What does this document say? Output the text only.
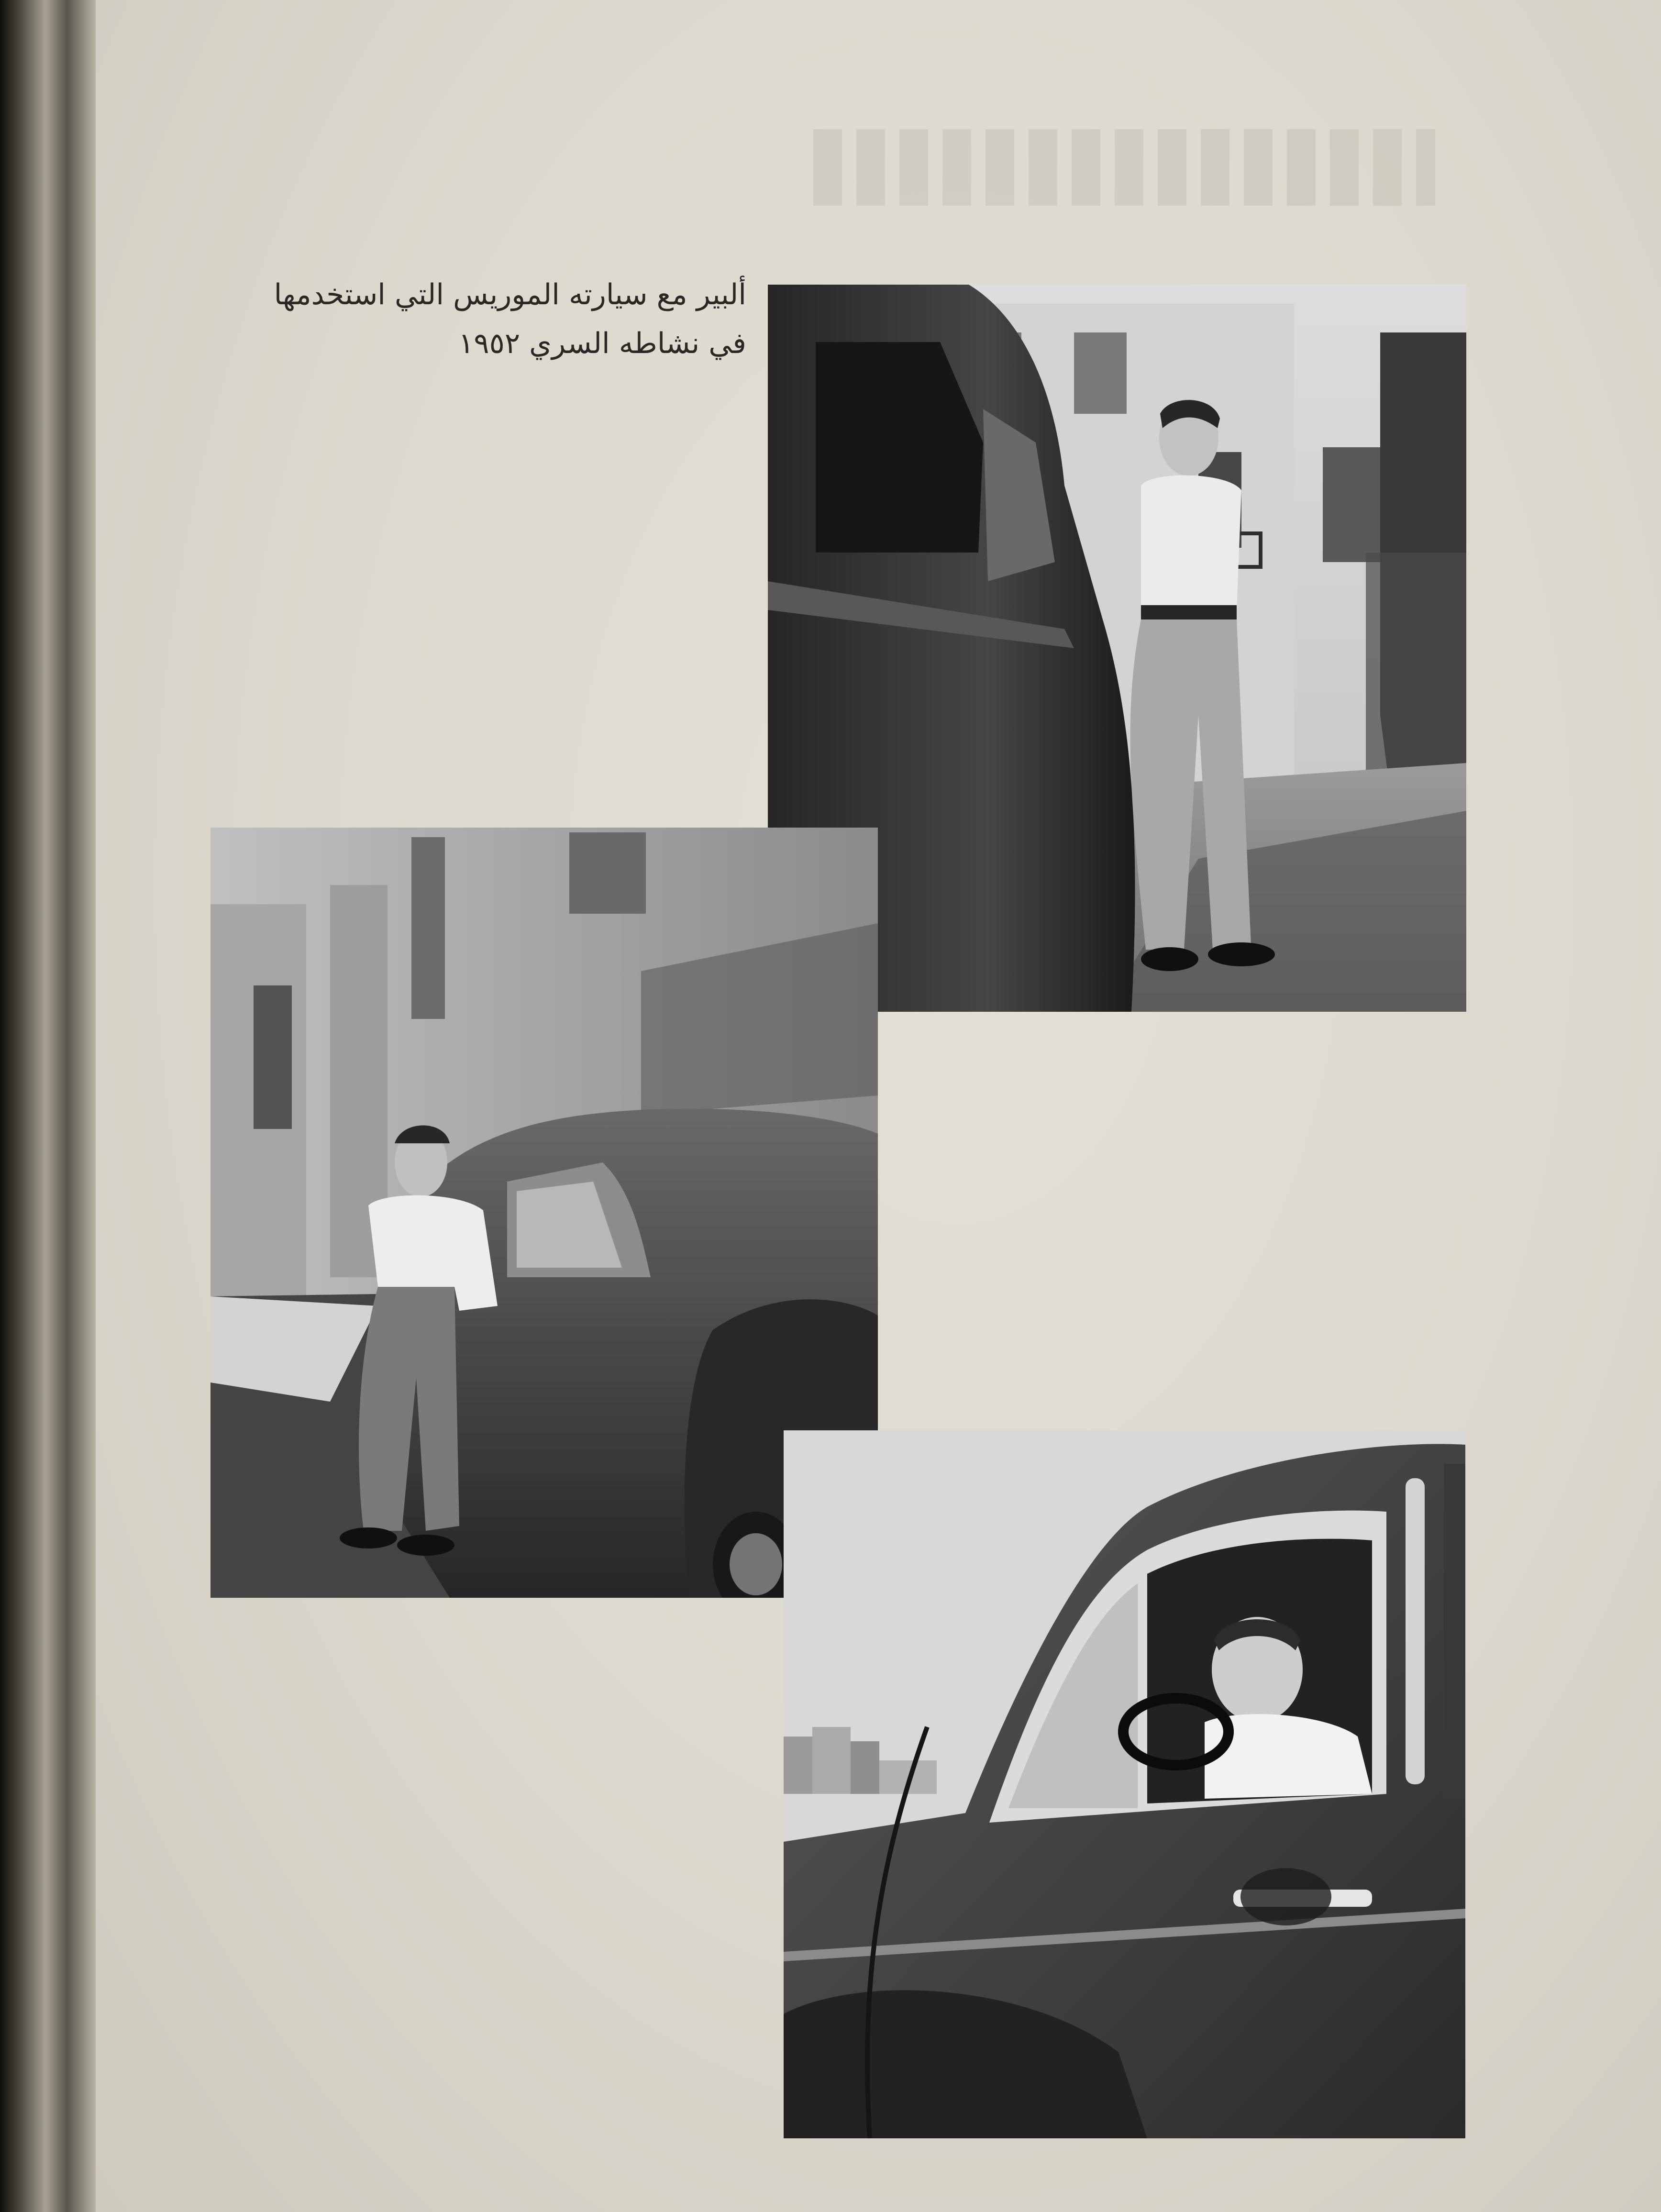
ألبير مع سيارته الموريس التي استخدمها
في نشاطه السري ١٩٥٢
